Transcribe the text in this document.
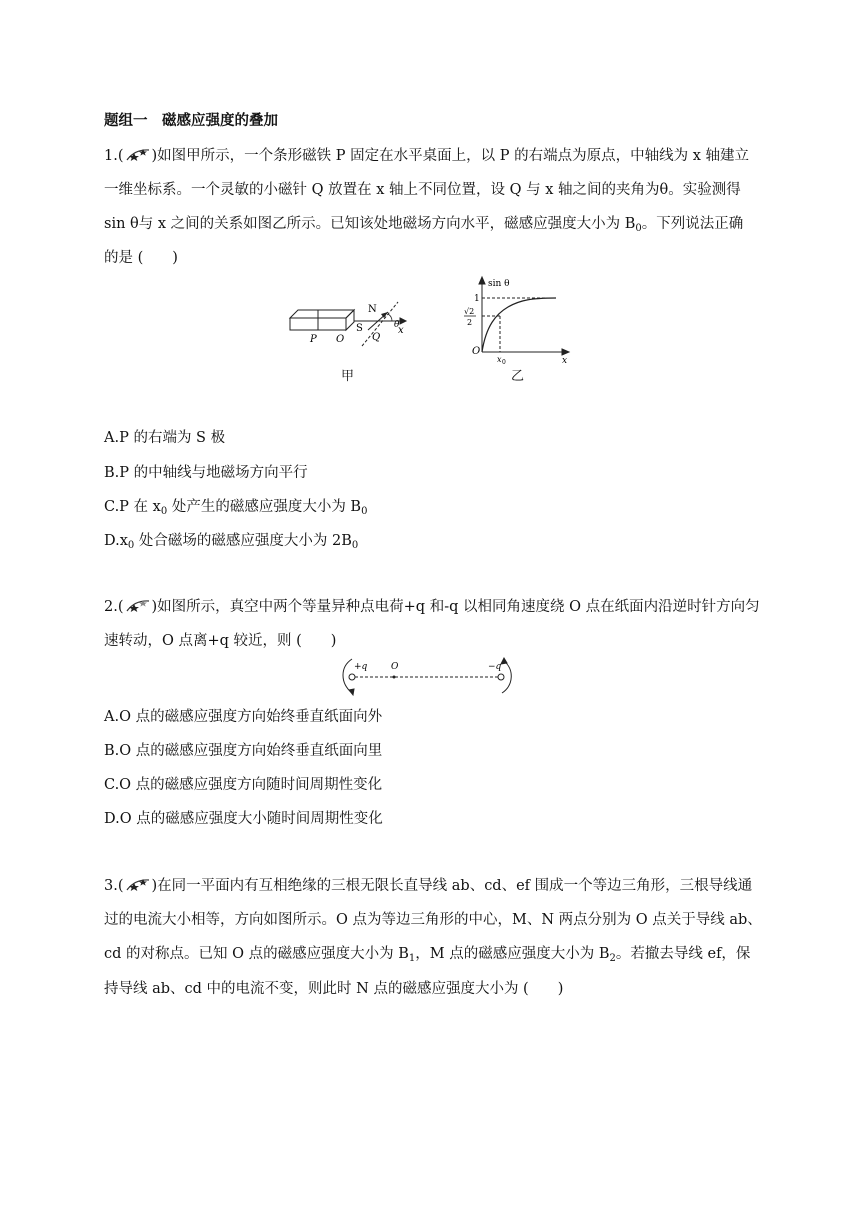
题组一　磁感应强度的叠加
1.( )如图甲所示，一个条形磁铁 P 固定在水平桌面上，以 P 的右端点为原点，中轴线为 x 轴建立
一维坐标系。一个灵敏的小磁针 Q 放置在 x 轴上不同位置，设 Q 与 x 轴之间的夹角为θ。实验测得
sin θ与 x 之间的关系如图乙所示。已知该处地磁场方向水平，磁感应强度大小为 $B_0$。下列说法正确
的是 (　　)
P O
S
N
Q
θ
x
甲
sin θ
1
√2
2
O
x 0	x
乙
A.P 的右端为 S 极
B.P 的中轴线与地磁场方向平行
C.P 在 $x_0$ 处产生的磁感应强度大小为 $B_0$
$D.x_0$ 处合磁场的磁感应强度大小为 $2B_0$
2.( )如图所示，真空中两个等量异种点电荷+q 和-q 以相同角速度绕 O 点在纸面内沿逆时针方向匀
速转动，O 点离+q 较近，则 (　　)
+q	O	−q
A.O 点的磁感应强度方向始终垂直纸面向外
B.O 点的磁感应强度方向始终垂直纸面向里
C.O 点的磁感应强度方向随时间周期性变化
D.O 点的磁感应强度大小随时间周期性变化
3.( )在同一平面内有互相绝缘的三根无限长直导线 ab、cd、ef 围成一个等边三角形，三根导线通
过的电流大小相等，方向如图所示。O 点为等边三角形的中心，M、N 两点分别为 O 点关于导线 ab、
cd 的对称点。已知 O 点的磁感应强度大小为 $B_1$，M 点的磁感应强度大小为 $B_2$。若撤去导线 ef，保
持导线 ab、cd 中的电流不变，则此时 N 点的磁感应强度大小为 (　　)
